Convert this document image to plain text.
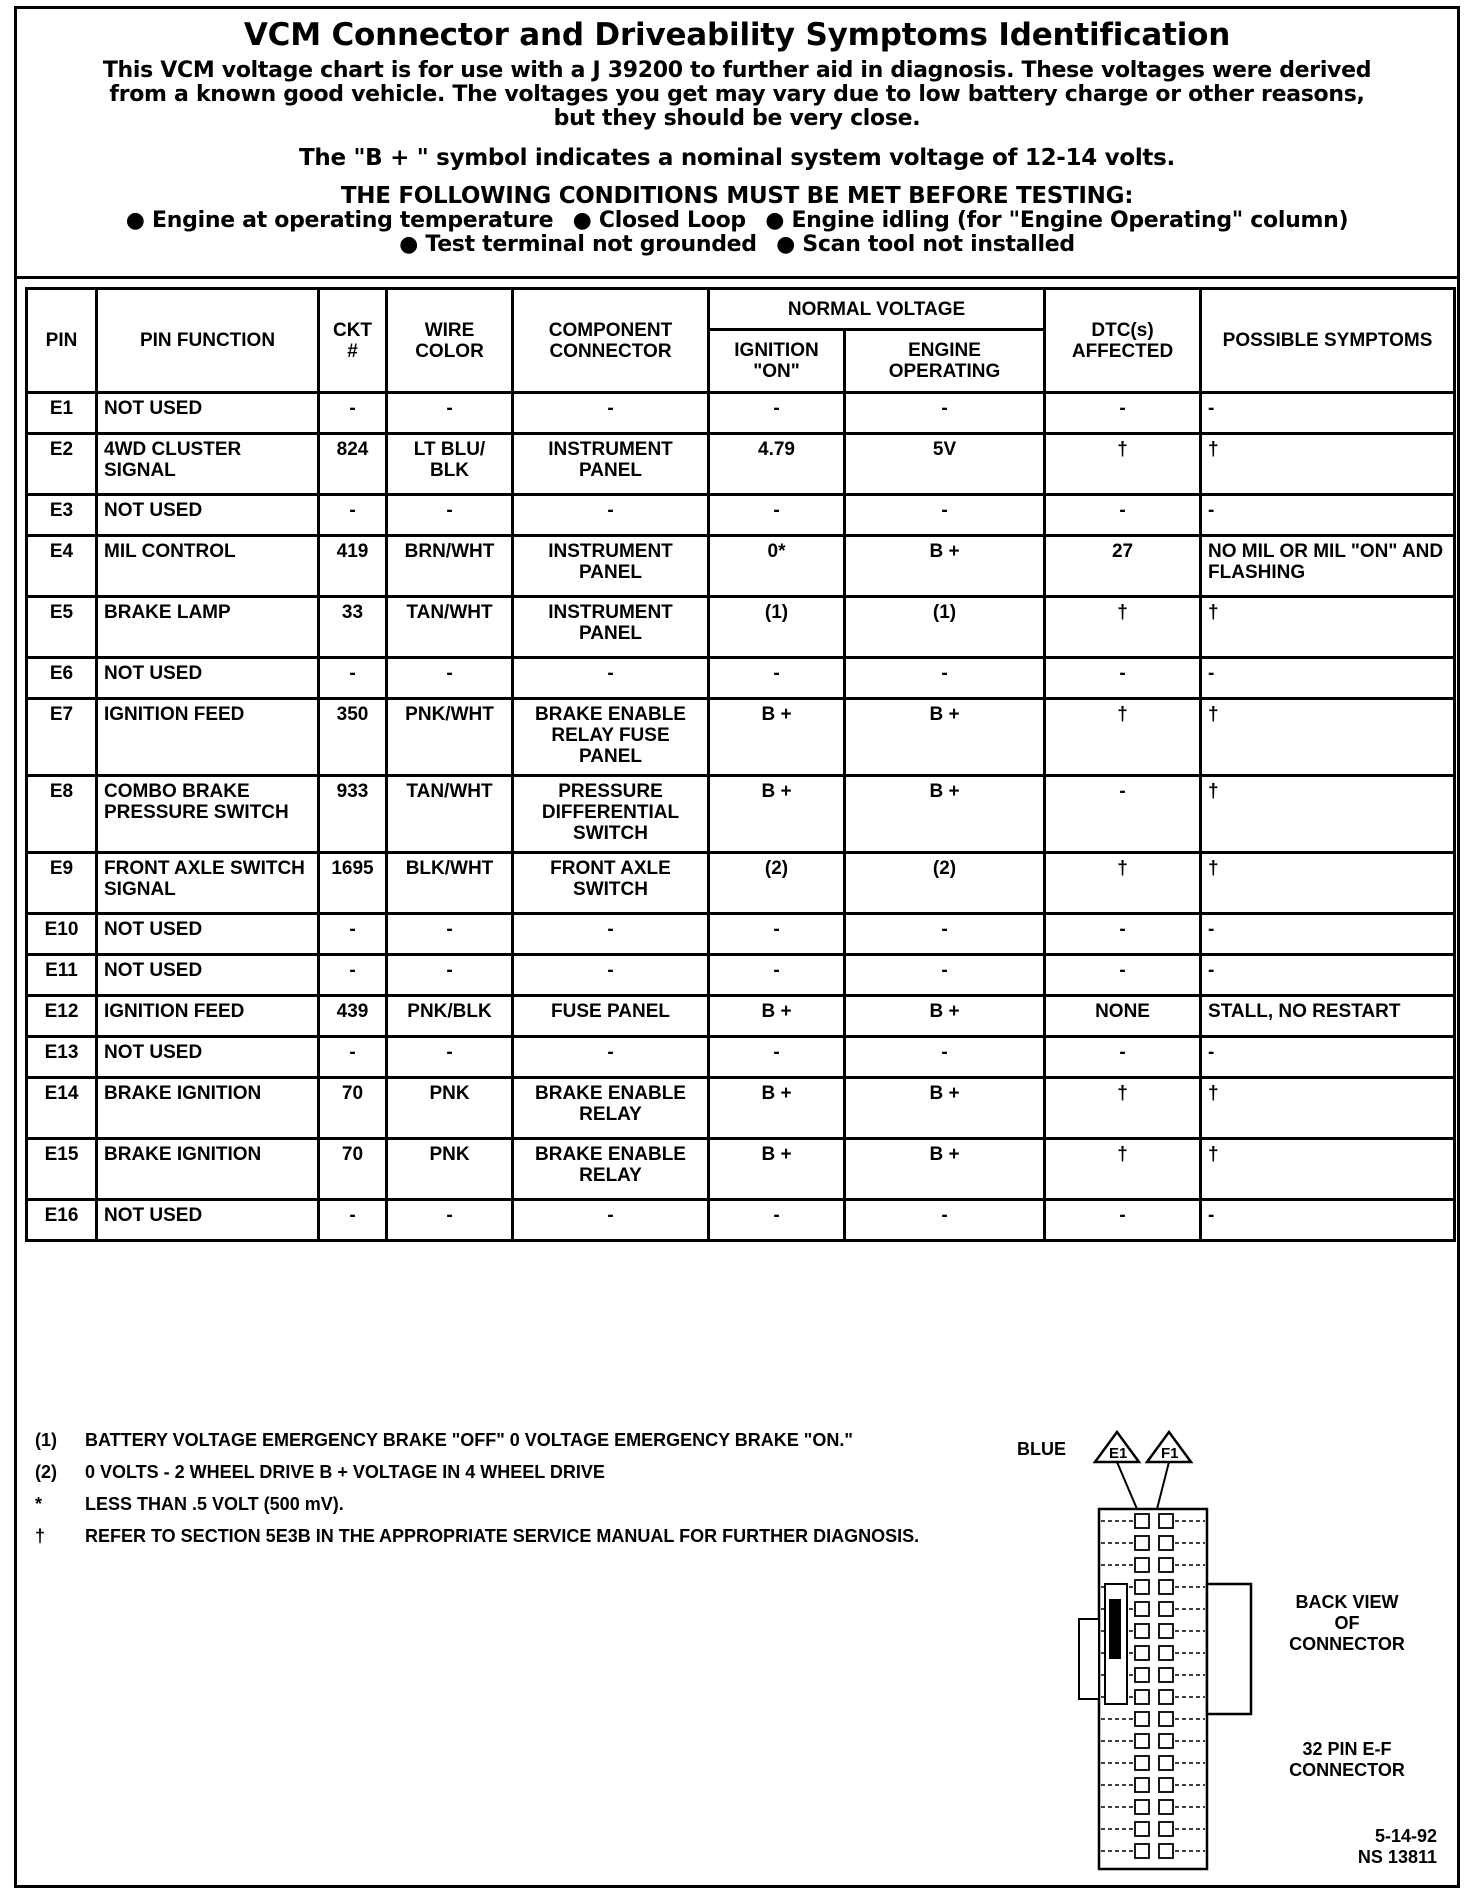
VCM Connector and Driveability Symptoms Identification
This VCM voltage chart is for use with a J 39200 to further aid in diagnosis. These voltages were derived
from a known good vehicle. The voltages you get may vary due to low battery charge or other reasons,
but they should be very close.
The "B + " symbol indicates a nominal system voltage of 12-14 volts.
THE FOLLOWING CONDITIONS MUST BE MET BEFORE TESTING:
● Engine at operating temperature ● Closed Loop ● Engine idling (for "Engine Operating" column)
● Test terminal not grounded ● Scan tool not installed
PIN	PIN FUNCTION	CKT #	WIRE COLOR	COMPONENT CONNECTOR	NORMAL VOLTAGE		DTC(s) AFFECTED	POSSIBLE SYMPTOMS
					IGNITION "ON"	ENGINE OPERATING		
E1	NOT USED	-	-	-	-	-	-	-
E2	4WD CLUSTER SIGNAL	824	LT BLU/ BLK	INSTRUMENT PANEL	4.79	5V	†	†
E3	NOT USED	-	-	-	-	-	-	-
E4	MIL CONTROL	419	BRN/WHT	INSTRUMENT PANEL	0*	B +	27	NO MIL OR MIL "ON" AND FLASHING
E5	BRAKE LAMP	33	TAN/WHT	INSTRUMENT PANEL	(1)	(1)	†	†
E6	NOT USED	-	-	-	-	-	-	-
E7	IGNITION FEED	350	PNK/WHT	BRAKE ENABLE RELAY FUSE PANEL	B +	B +	†	†
E8	COMBO BRAKE PRESSURE SWITCH	933	TAN/WHT	PRESSURE DIFFERENTIAL SWITCH	B +	B +	-	†
E9	FRONT AXLE SWITCH SIGNAL	1695	BLK/WHT	FRONT AXLE SWITCH	(2)	(2)	†	†
E10	NOT USED	-	-	-	-	-	-	-
E11	NOT USED	-	-	-	-	-	-	-
E12	IGNITION FEED	439	PNK/BLK	FUSE PANEL	B +	B +	NONE	STALL, NO RESTART
E13	NOT USED	-	-	-	-	-	-	-
E14	BRAKE IGNITION	70	PNK	BRAKE ENABLE RELAY	B +	B +	†	†
E15	BRAKE IGNITION	70	PNK	BRAKE ENABLE RELAY	B +	B +	†	†
E16	NOT USED	-	-	-	-	-	-	-
(1)	BATTERY VOLTAGE EMERGENCY BRAKE "OFF" 0 VOLTAGE EMERGENCY BRAKE "ON."
(2)	0 VOLTS - 2 WHEEL DRIVE B + VOLTAGE IN 4 WHEEL DRIVE
*	LESS THAN .5 VOLT (500 mV).
†	REFER TO SECTION 5E3B IN THE APPROPRIATE SERVICE MANUAL FOR FURTHER DIAGNOSIS.
BLUE	E1 F1
BACK VIEW
OF
CONNECTOR
32 PIN E-F
CONNECTOR
5-14-92
NS 13811
